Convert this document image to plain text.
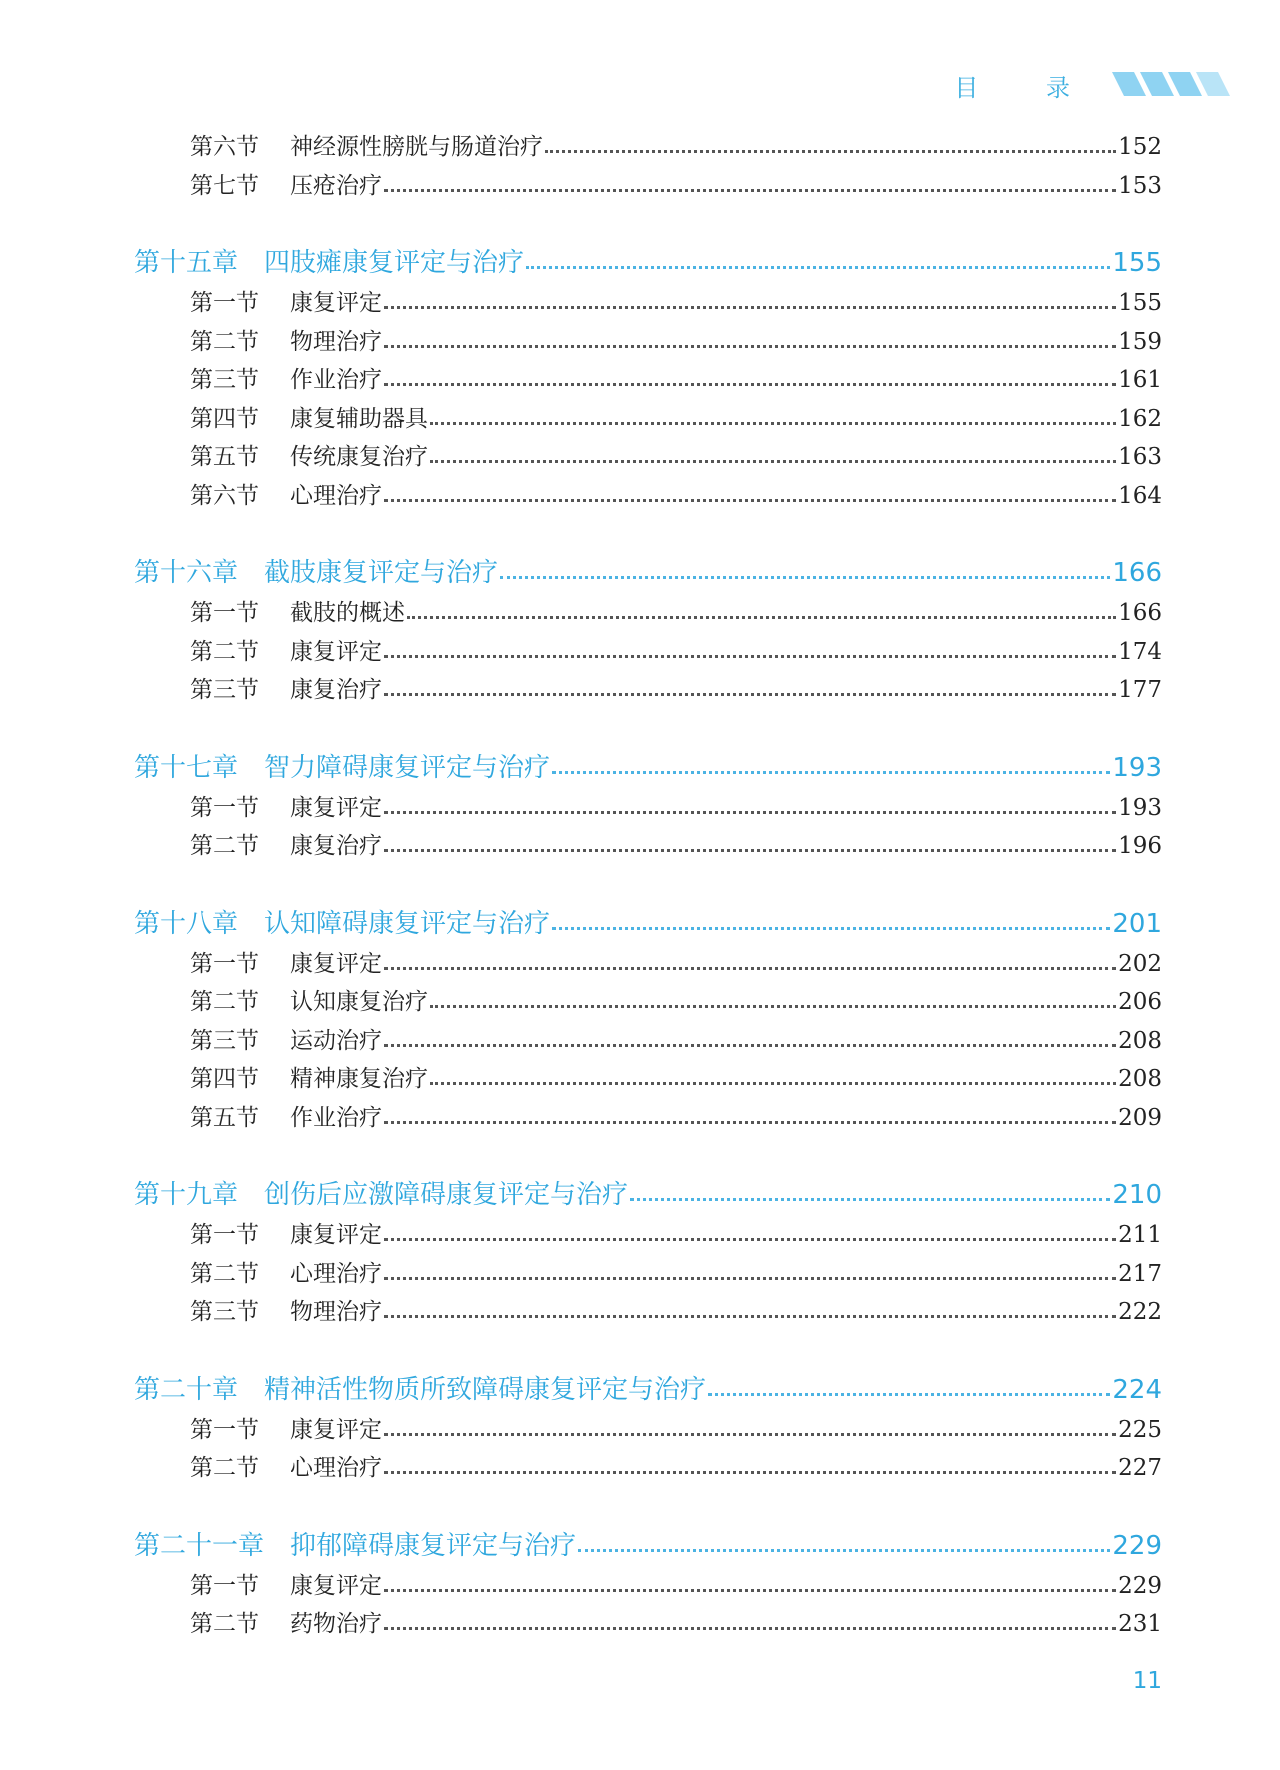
目 录
第六节	神经源性膀胱与肠道治疗	152
第七节	压疮治疗	153
第十五章 四肢瘫康复评定与治疗	155
第一节	康复评定	155
第二节	物理治疗	159
第三节	作业治疗	161
第四节	康复辅助器具	162
第五节	传统康复治疗	163
第六节	心理治疗	164
第十六章 截肢康复评定与治疗	166
第一节	截肢的概述	166
第二节	康复评定	174
第三节	康复治疗	177
第十七章 智力障碍康复评定与治疗	193
第一节	康复评定	193
第二节	康复治疗	196
第十八章 认知障碍康复评定与治疗	201
第一节	康复评定	202
第二节	认知康复治疗	206
第三节	运动治疗	208
第四节	精神康复治疗	208
第五节	作业治疗	209
第十九章 创伤后应激障碍康复评定与治疗	210
第一节	康复评定	211
第二节	心理治疗	217
第三节	物理治疗	222
第二十章 精神活性物质所致障碍康复评定与治疗	224
第一节	康复评定	225
第二节	心理治疗	227
第二十一章 抑郁障碍康复评定与治疗	229
第一节	康复评定	229
第二节	药物治疗	231
11
